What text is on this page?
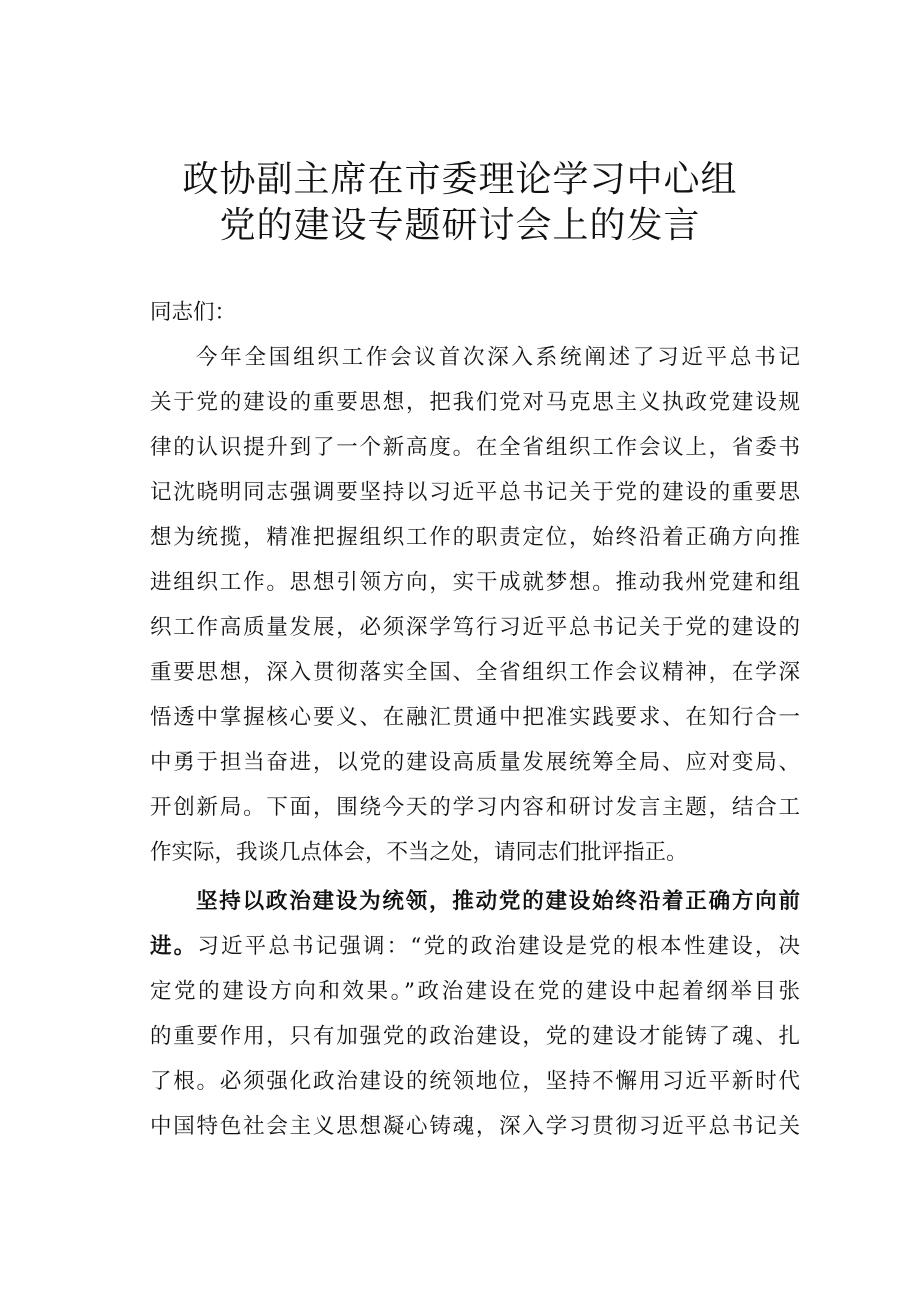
政协副主席在市委理论学习中心组
党的建设专题研讨会上的发言
同志们：
今年全国组织工作会议首次深入系统阐述了习近平总书记
关于党的建设的重要思想，把我们党对马克思主义执政党建设规
律的认识提升到了一个新高度。在全省组织工作会议上，省委书
记沈晓明同志强调要坚持以习近平总书记关于党的建设的重要思
想为统揽，精准把握组织工作的职责定位，始终沿着正确方向推
进组织工作。思想引领方向，实干成就梦想。推动我州党建和组
织工作高质量发展，必须深学笃行习近平总书记关于党的建设的
重要思想，深入贯彻落实全国、全省组织工作会议精神，在学深
悟透中掌握核心要义、在融汇贯通中把准实践要求、在知行合一
中勇于担当奋进，以党的建设高质量发展统筹全局、应对变局、
开创新局。下面，围绕今天的学习内容和研讨发言主题，结合工
作实际，我谈几点体会，不当之处，请同志们批评指正。
坚持以政治建设为统领，推动党的建设始终沿着正确方向前
进。习近平总书记强调：“党的政治建设是党的根本性建设，决
定党的建设方向和效果。”政治建设在党的建设中起着纲举目张
的重要作用，只有加强党的政治建设，党的建设才能铸了魂、扎
了根。必须强化政治建设的统领地位，坚持不懈用习近平新时代
中国特色社会主义思想凝心铸魂，深入学习贯彻习近平总书记关
